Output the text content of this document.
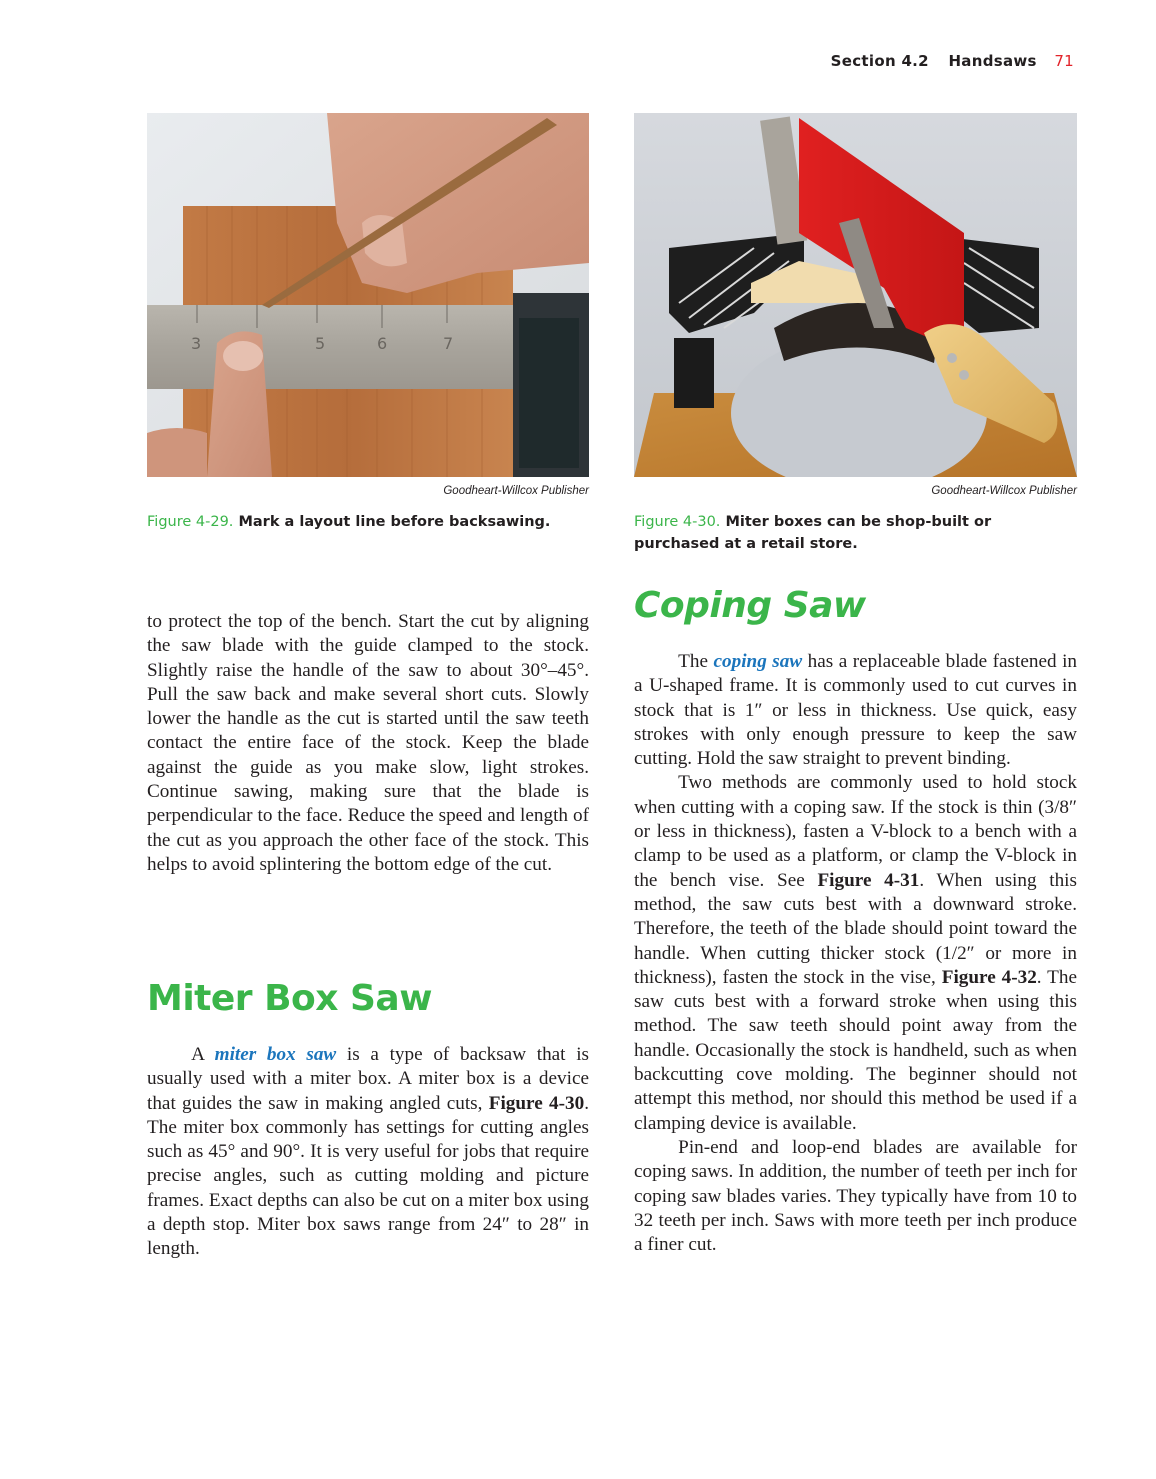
Section 4.2 Handsaws 71
3	5	6	7
Goodheart-Willcox Publisher
Figure 4-29. Mark a layout line before backsawing.
Goodheart-Willcox Publisher
Figure 4-30. Miter boxes can be shop-built or purchased at a retail store.

to protect the top of the bench. Start the cut by aligning the saw blade with the guide clamped to the stock. Slightly raise the handle of the saw to about 30°–45°. Pull the saw back and make several short cuts. Slowly lower the handle as the cut is started until the saw teeth contact the entire face of the stock. Keep the blade against the guide as you make slow, light strokes. Continue sawing, making sure that the blade is perpendicular to the face. Reduce the speed and length of the cut as you approach the other face of the stock. This helps to avoid splintering the bottom edge of the cut.

Miter Box Saw

A miter box saw is a type of backsaw that is usually used with a miter box. A miter box is a device that guides the saw in making angled cuts, Figure 4-30. The miter box commonly has settings for cutting angles such as 45° and 90°. It is very useful for jobs that require precise angles, such as cutting molding and picture frames. Exact depths can also be cut on a miter box using a depth stop. Miter box saws range from 24″ to 28″ in length.

Coping Saw

The coping saw has a replaceable blade fastened in a U-shaped frame. It is commonly used to cut curves in stock that is 1″ or less in thickness. Use quick, easy strokes with only enough pressure to keep the saw cutting. Hold the saw straight to prevent binding.

Two methods are commonly used to hold stock when cutting with a coping saw. If the stock is thin (3/8″ or less in thickness), fasten a V-block to a bench with a clamp to be used as a platform, or clamp the V-block in the bench vise. See Figure 4-31. When using this method, the saw cuts best with a downward stroke. Therefore, the teeth of the blade should point toward the handle. When cutting thicker stock (1/2″ or more in thickness), fasten the stock in the vise, Figure 4-32. The saw cuts best with a forward stroke when using this method. The saw teeth should point away from the handle. Occasionally the stock is handheld, such as when backcutting cove molding. The beginner should not attempt this method, nor should this method be used if a clamping device is available.

Pin-end and loop-end blades are available for coping saws. In addition, the number of teeth per inch for coping saw blades varies. They typically have from 10 to 32 teeth per inch. Saws with more teeth per inch produce a finer cut.
